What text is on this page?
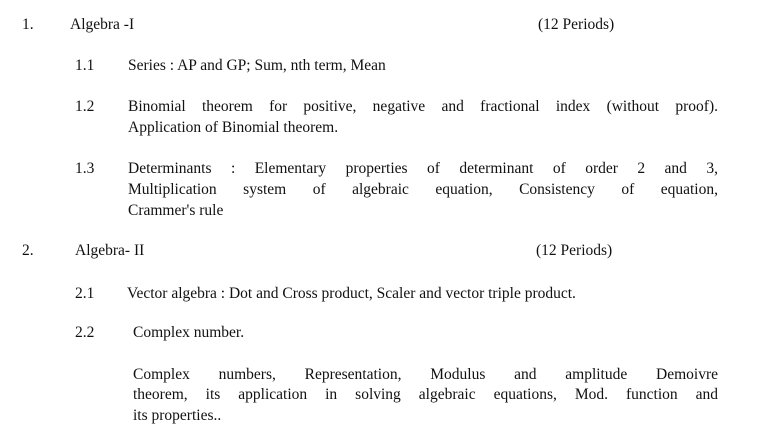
1. Algebra -I	(12 Periods)
1.1 Series : AP and GP; Sum, nth term, Mean
1.2 Binomial theorem for positive, negative and fractional index (without proof).
Application of Binomial theorem.
1.3 Determinants : Elementary properties of determinant of order 2 and 3,
Multiplication system of algebraic equation, Consistency of equation,
Crammer's rule
2.	Algebra- II	(12 Periods)
2.1 Vector algebra : Dot and Cross product, Scaler and vector triple product.
2.2 Complex number.
Complex numbers, Representation, Modulus and amplitude Demoivre
theorem, its application in solving algebraic equations, Mod. function and
its properties..
